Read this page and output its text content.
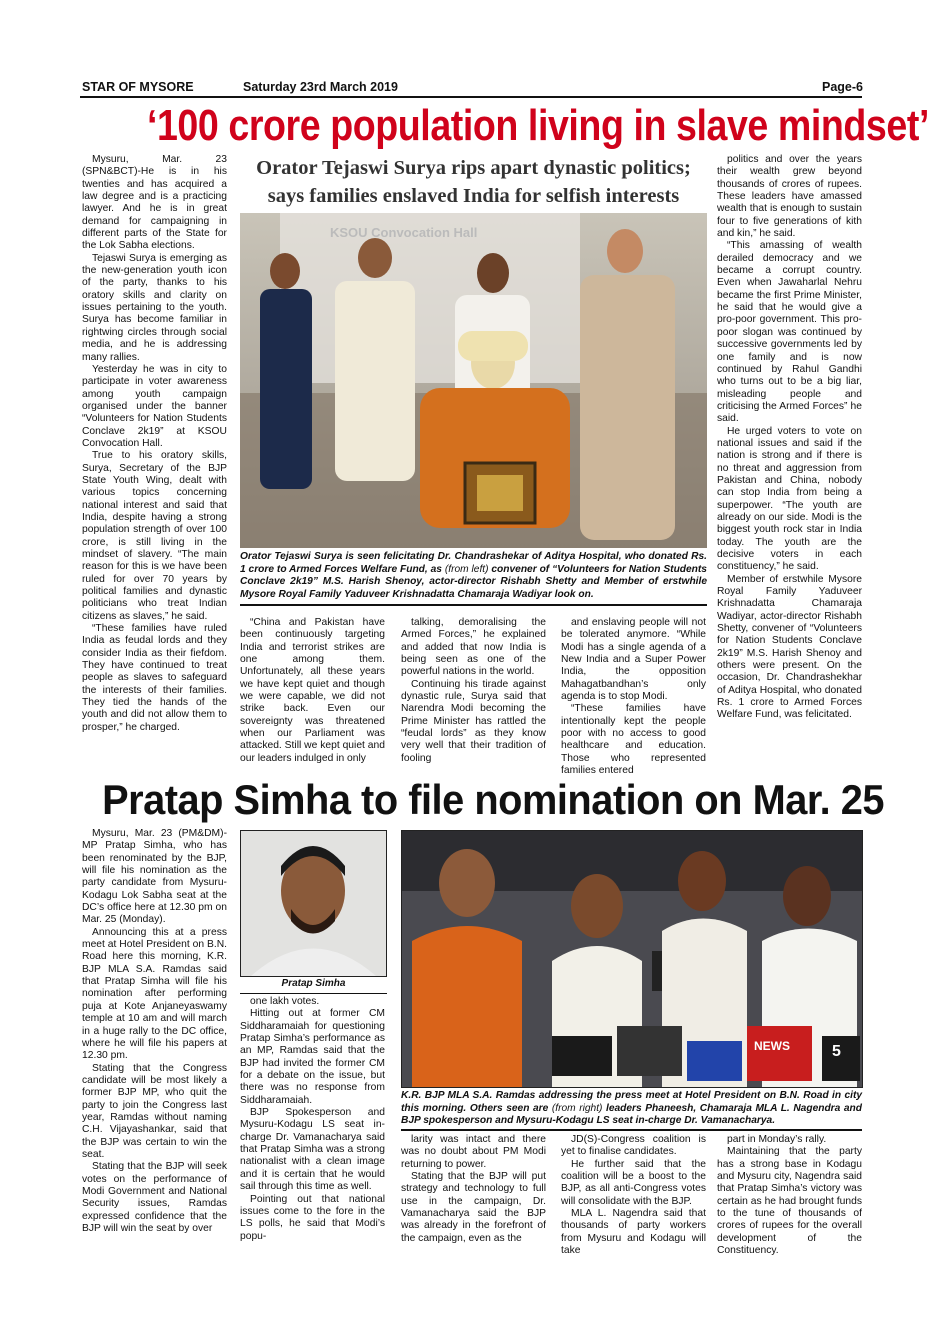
STAR OF MYSORE	Saturday 23rd March 2019	Page-6
‘100 crore population living in slave mindset’

Mysuru, Mar. 23 (SPN&BCT)-He is in his twenties and has acquired a law degree and is a practicing lawyer. And he is in great demand for campaigning in different parts of the State for the Lok Sabha elections.

Tejaswi Surya is emerging as the new-generation youth icon of the party, thanks to his oratory skills and clarity on issues pertaining to the youth. Surya has become familiar in rightwing circles through social media, and he is addressing many rallies.

Yesterday he was in city to participate in voter awareness among youth campaign organised under the banner “Volunteers for Nation Students Conclave 2k19” at KSOU Convocation Hall.

True to his oratory skills, Surya, Secretary of the BJP State Youth Wing, dealt with various topics concerning national interest and said that India, despite having a strong population strength of over 100 crore, is still living in the mindset of slavery. “The main reason for this is we have been ruled for over 70 years by political families and dynastic politicians who treat Indian citizens as slaves,” he said.

“These families have ruled India as feudal lords and they consider India as their fiefdom. They have continued to treat people as slaves to safeguard the interests of their families. They tied the hands of the youth and did not allow them to prosper,” he charged.

Orator Tejaswi Surya rips apart dynastic politics;
says families enslaved India for selfish interests
KSOU Convocation Hall
Orator Tejaswi Surya is seen felicitating Dr. Chandrashekar of Aditya Hospital, who donated Rs. 1 crore to Armed Forces Welfare Fund, as (from left) convener of “Volunteers for Nation Students Conclave 2k19” M.S. Harish Shenoy, actor-director Rishabh Shetty and Member of erstwhile Mysore Royal Family Yaduveer Krishnadatta Chamaraja Wadiyar look on.

“China and Pakistan have been continuously targeting India and terrorist strikes are one among them. Unfortunately, all these years we have kept quiet and though we were capable, we did not strike back. Even our sovereignty was threatened when our Parliament was attacked. Still we kept quiet and our leaders indulged in only

talking, demoralising the Armed Forces,” he explained and added that now India is being seen as one of the powerful nations in the world.

Continuing his tirade against dynastic rule, Surya said that Narendra Modi becoming the Prime Minister has rattled the “feudal lords” as they know very well that their tradition of fooling

and enslaving people will not be tolerated anymore. “While Modi has a single agenda of a New India and a Super Power India, the opposition Mahagatbandhan’s only agenda is to stop Modi.

“These families have intentionally kept the people poor with no access to good healthcare and education. Those who represented families entered

politics and over the years their wealth grew beyond thousands of crores of rupees. These leaders have amassed wealth that is enough to sustain four to five generations of kith and kin,” he said.

“This amassing of wealth derailed democracy and we became a corrupt country. Even when Jawaharlal Nehru became the first Prime Minister, he said that he would give a pro-poor government. This pro-poor slogan was continued by successive governments led by one family and is now continued by Rahul Gandhi who turns out to be a big liar, misleading people and criticising the Armed Forces” he said.

He urged voters to vote on national issues and said if the nation is strong and if there is no threat and aggression from Pakistan and China, nobody can stop India from being a superpower. “The youth are already on our side. Modi is the biggest youth rock star in India today. The youth are the decisive voters in each constituency,” he said.

Member of erstwhile Mysore Royal Family Yaduveer Krishnadatta Chamaraja Wadiyar, actor-director Rishabh Shetty, convener of “Volunteers for Nation Students Conclave 2k19” M.S. Harish Shenoy and others were present. On the occasion, Dr. Chandrashekhar of Aditya Hospital, who donated Rs. 1 crore to Armed Forces Welfare Fund, was felicitated.

Pratap Simha to file nomination on Mar. 25

Mysuru, Mar. 23 (PM&DM)-MP Pratap Simha, who has been renominated by the BJP, will file his nomination as the party candidate from Mysuru-Kodagu Lok Sabha seat at the DC’s office here at 12.30 pm on Mar. 25 (Monday).

Announcing this at a press meet at Hotel President on B.N. Road here this morning, K.R. BJP MLA S.A. Ramdas said that Pratap Simha will file his nomination after performing puja at Kote Anjaneyaswamy temple at 10 am and will march in a huge rally to the DC office, where he will file his papers at 12.30 pm.

Stating that the Congress candidate will be most likely a former BJP MP, who quit the party to join the Congress last year, Ramdas without naming C.H. Vijayashankar, said that the BJP was certain to win the seat.

Stating that the BJP will seek votes on the performance of Modi Government and National Security issues, Ramdas expressed confidence that the BJP will win the seat by over

Pratap Simha
NEWS	5
K.R. BJP MLA S.A. Ramdas addressing the press meet at Hotel President on B.N. Road in city this morning. Others seen are (from right) leaders Phaneesh, Chamaraja MLA L. Nagendra and BJP spokesperson and Mysuru-Kodagu LS seat in-charge Dr. Vamanacharya.

one lakh votes.

Hitting out at former CM Siddharamaiah for questioning Pratap Simha’s performance as an MP, Ramdas said that the BJP had invited the former CM for a debate on the issue, but there was no response from Siddharamaiah.

BJP Spokesperson and Mysuru-Kodagu LS seat in-charge Dr. Vamanacharya said that Pratap Simha was a strong nationalist with a clean image and it is certain that he would sail through this time as well.

Pointing out that national issues come to the fore in the LS polls, he said that Modi’s popu-

larity was intact and there was no doubt about PM Modi returning to power.

Stating that the BJP will put strategy and technology to full use in the campaign, Dr. Vamanacharya said the BJP was already in the forefront of the campaign, even as the

JD(S)-Congress coalition is yet to finalise candidates.

He further said that the coalition will be a boost to the BJP, as all anti-Congress votes will consolidate with the BJP.

MLA L. Nagendra said that thousands of party workers from Mysuru and Kodagu will take

part in Monday’s rally.

Maintaining that the party has a strong base in Kodagu and Mysuru city, Nagendra said that Pratap Simha’s victory was certain as he had brought funds to the tune of thousands of crores of rupees for the overall development of the Constituency.
